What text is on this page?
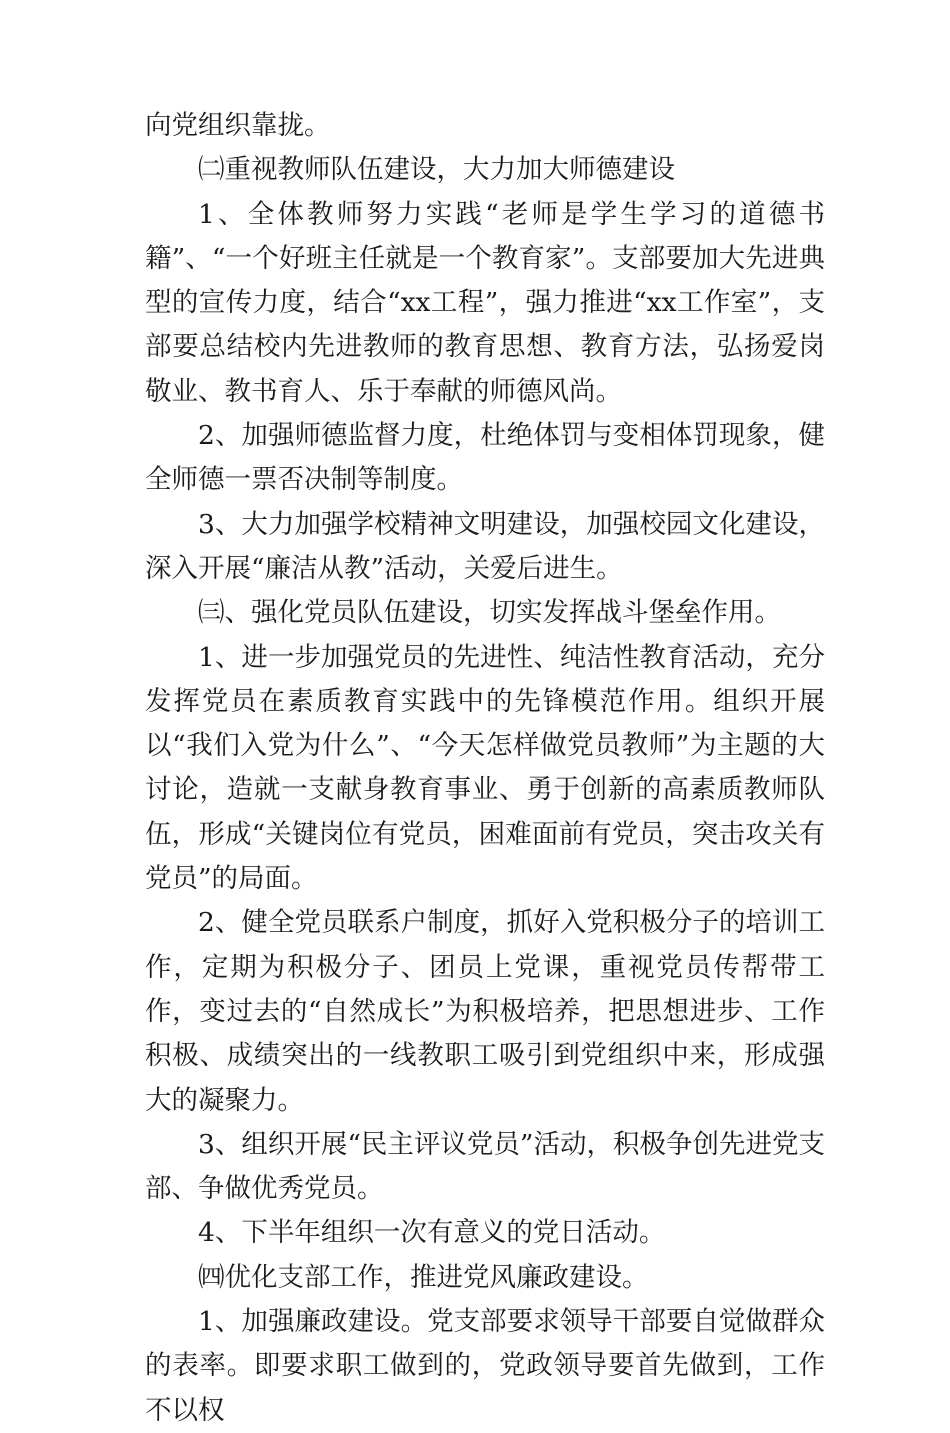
向党组织靠拢。

㈡重视教师队伍建设，大力加大师德建设

1、全体教师努力实践“老师是学生学习的道德书籍”、“一个好班主任就是一个教育家”。支部要加大先进典型的宣传力度，结合“xx工程”，强力推进“xx工作室”，支部要总结校内先进教师的教育思想、教育方法，弘扬爱岗敬业、教书育人、乐于奉献的师德风尚。

2、加强师德监督力度，杜绝体罚与变相体罚现象，健全师德一票否决制等制度。

3、大力加强学校精神文明建设，加强校园文化建设，深入开展“廉洁从教”活动，关爱后进生。

㈢、强化党员队伍建设，切实发挥战斗堡垒作用。

1、进一步加强党员的先进性、纯洁性教育活动，充分发挥党员在素质教育实践中的先锋模范作用。组织开展以“我们入党为什么”、“今天怎样做党员教师”为主题的大讨论，造就一支献身教育事业、勇于创新的高素质教师队伍，形成“关键岗位有党员，困难面前有党员，突击攻关有党员”的局面。

2、健全党员联系户制度，抓好入党积极分子的培训工作，定期为积极分子、团员上党课，重视党员传帮带工作，变过去的“自然成长”为积极培养，把思想进步、工作积极、成绩突出的一线教职工吸引到党组织中来，形成强大的凝聚力。

3、组织开展“民主评议党员”活动，积极争创先进党支部、争做优秀党员。

4、下半年组织一次有意义的党日活动。

㈣优化支部工作，推进党风廉政建设。

1、加强廉政建设。党支部要求领导干部要自觉做群众的表率。即要求职工做到的，党政领导要首先做到，工作不以权
